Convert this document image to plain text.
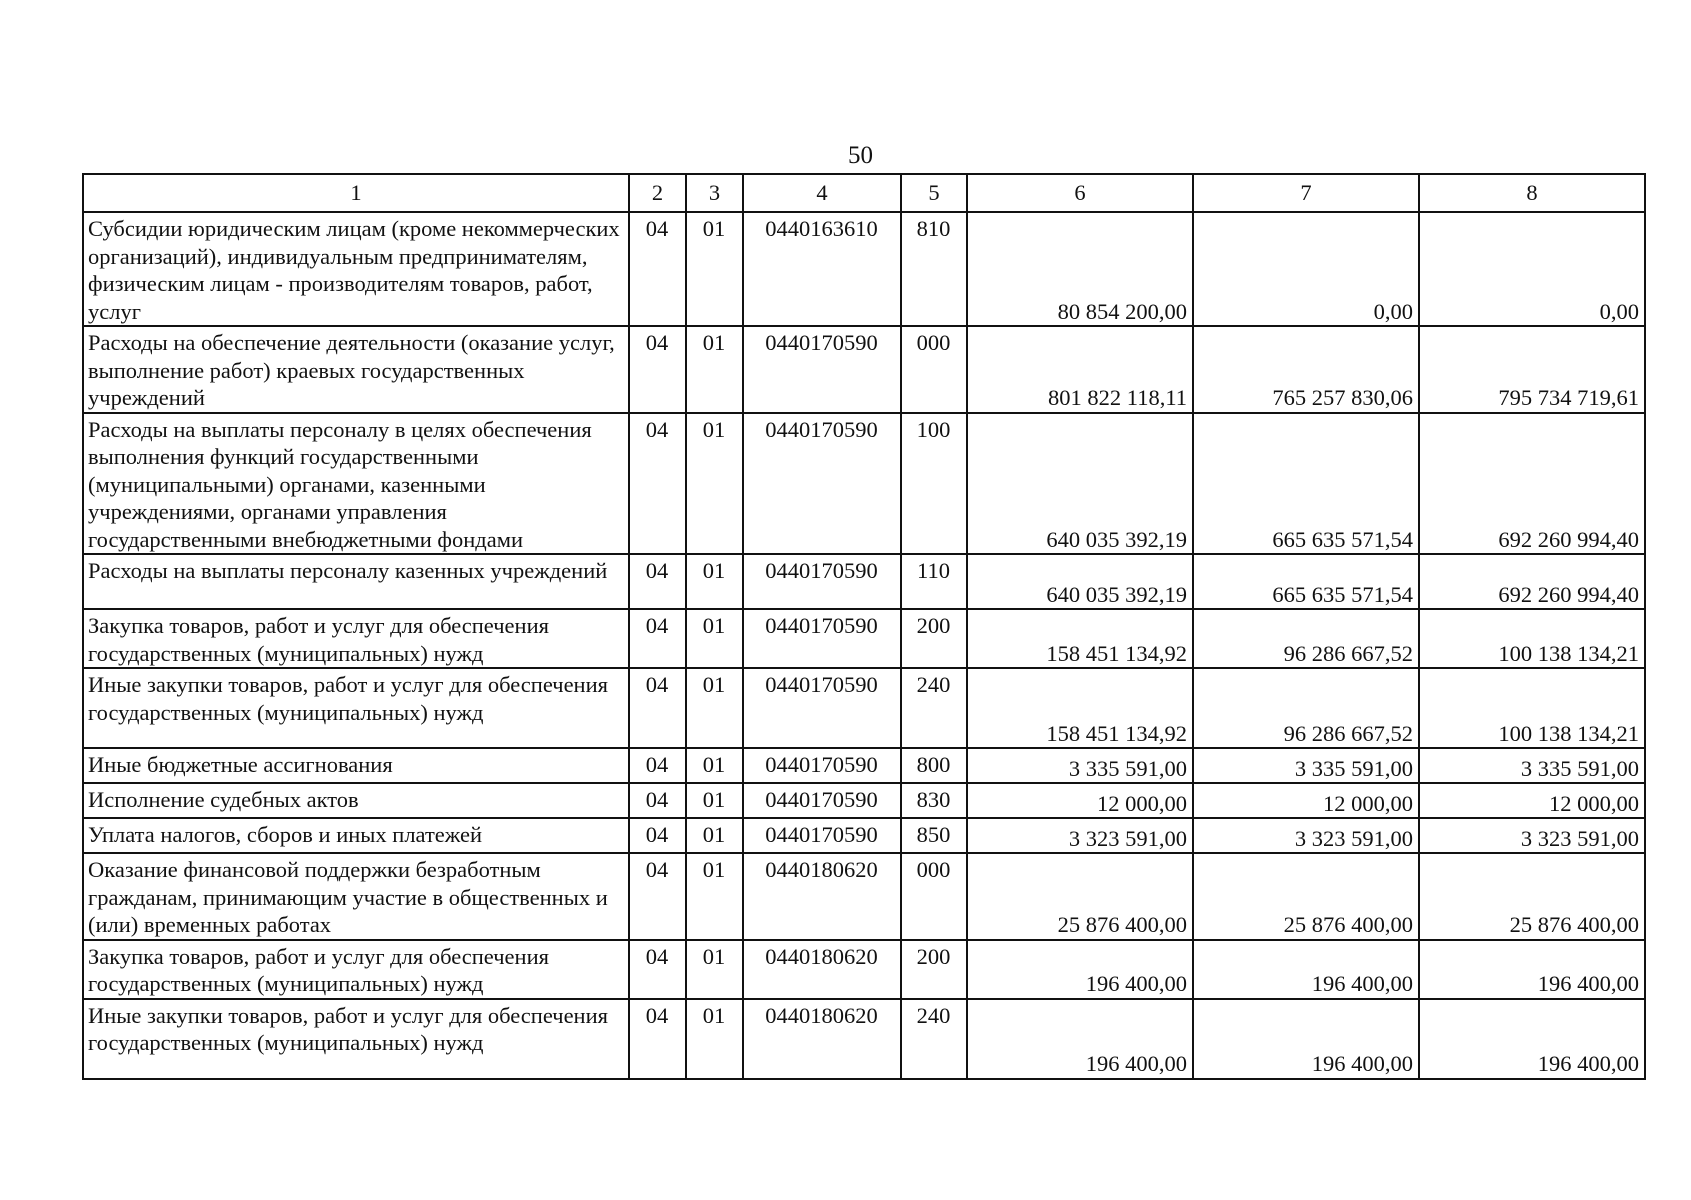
50
1	2	3	4	5	6	7	8
Субсидии юридическим лицам (кроме некоммерческих организаций), индивидуальным предпринимателям, физическим лицам - производителям товаров, работ, услуг	04	01	0440163610	810	80 854 200,00	0,00	0,00
Расходы на обеспечение деятельности (оказание услуг, выполнение работ) краевых государственных учреждений	04	01	0440170590	000	801 822 118,11	765 257 830,06	795 734 719,61
Расходы на выплаты персоналу в целях обеспечения выполнения функций государственными (муниципальными) органами, казенными учреждениями, органами управления государственными внебюджетными фондами	04	01	0440170590	100	640 035 392,19	665 635 571,54	692 260 994,40
Расходы на выплаты персоналу казенных учреждений	04	01	0440170590	110	640 035 392,19	665 635 571,54	692 260 994,40
Закупка товаров, работ и услуг для обеспечения государственных (муниципальных) нужд	04	01	0440170590	200	158 451 134,92	96 286 667,52	100 138 134,21
Иные закупки товаров, работ и услуг для обеспечения государственных (муниципальных) нужд	04	01	0440170590	240	158 451 134,92	96 286 667,52	100 138 134,21
Иные бюджетные ассигнования	04	01	0440170590	800	3 335 591,00	3 335 591,00	3 335 591,00
Исполнение судебных актов	04	01	0440170590	830	12 000,00	12 000,00	12 000,00
Уплата налогов, сборов и иных платежей	04	01	0440170590	850	3 323 591,00	3 323 591,00	3 323 591,00
Оказание финансовой поддержки безработным гражданам, принимающим участие в общественных и (или) временных работах	04	01	0440180620	000	25 876 400,00	25 876 400,00	25 876 400,00
Закупка товаров, работ и услуг для обеспечения государственных (муниципальных) нужд	04	01	0440180620	200	196 400,00	196 400,00	196 400,00
Иные закупки товаров, работ и услуг для обеспечения государственных (муниципальных) нужд	04	01	0440180620	240	196 400,00	196 400,00	196 400,00
